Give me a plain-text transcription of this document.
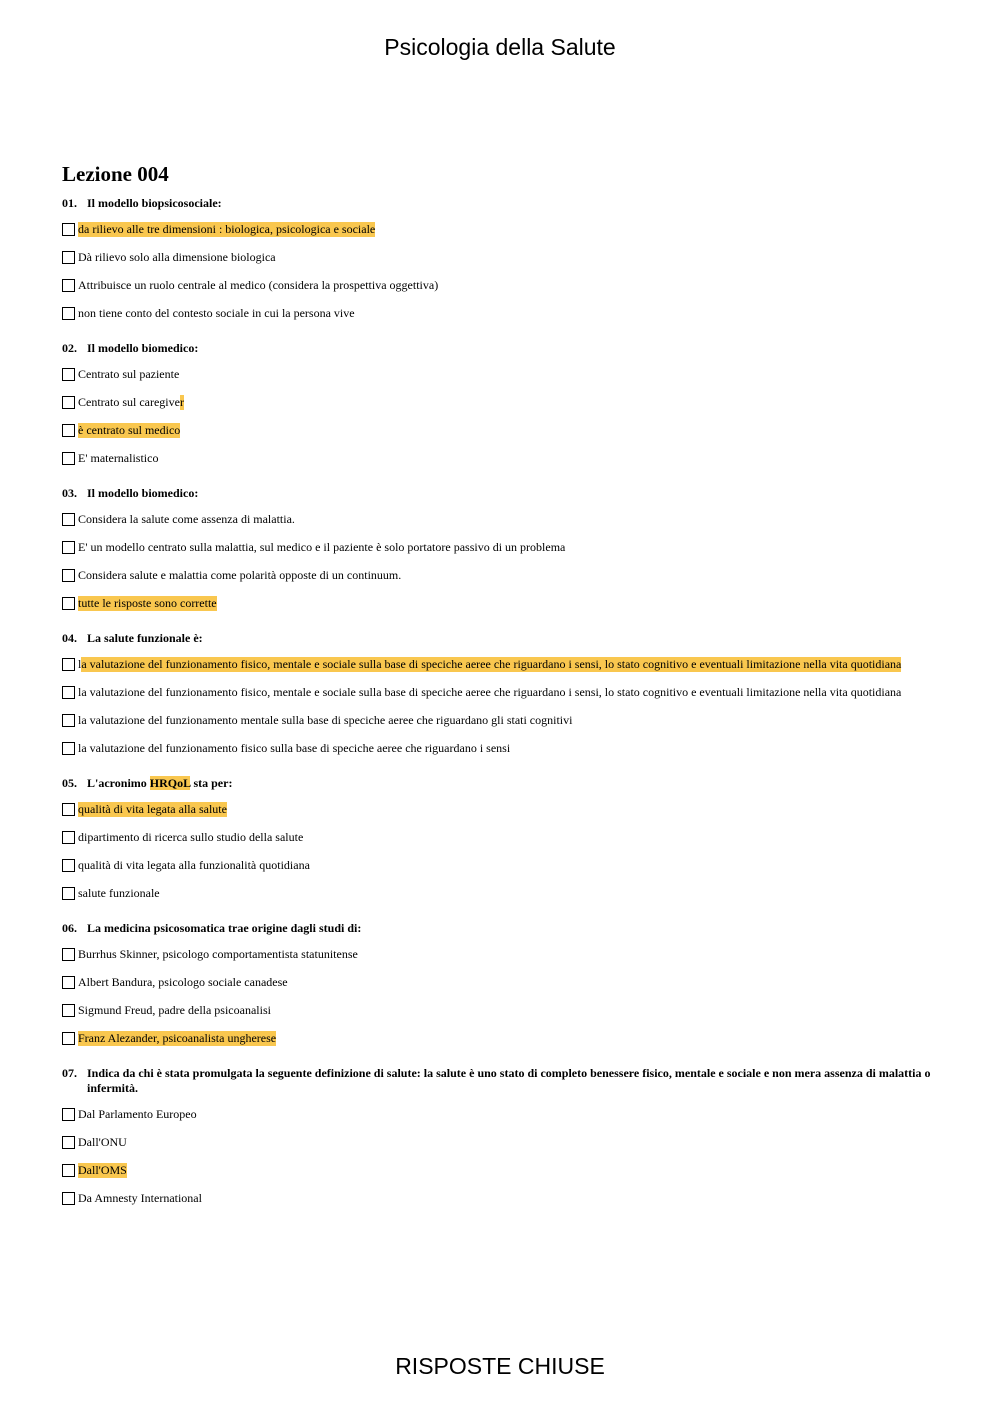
Psicologia della Salute
Lezione 004
01. Il modello biopsicosociale:
da rilievo alle tre dimensioni : biologica, psicologica e sociale
Dà rilievo solo alla dimensione biologica
Attribuisce un ruolo centrale al medico (considera la prospettiva oggettiva)
non tiene conto del contesto sociale in cui la persona vive
02. Il modello biomedico:
Centrato sul paziente
Centrato sul caregive r
è centrato sul medico
E' maternalistico
03. Il modello biomedico:
Considera la salute come assenza di malattia.
E' un modello centrato sulla malattia, sul medico e il paziente è solo portatore passivo di un problema
Considera salute e malattia come polarità opposte di un continuum.
tutte le risposte sono corrette
04. La salute funzionale è:
l a valutazione del funzionamento fisico, mentale e sociale sulla base di speciche aeree che riguardano i sensi, lo stato cognitivo e eventuali limitazione nella vita quotidiana
la valutazione del funzionamento fisico, mentale e sociale sulla base di speciche aeree che riguardano i sensi, lo stato cognitivo e eventuali limitazione nella vita quotidiana
la valutazione del funzionamento mentale sulla base di speciche aeree che riguardano gli stati cognitivi
la valutazione del funzionamento fisico sulla base di speciche aeree che riguardano i sensi
05. L'acronimo HRQoL sta per:
qualità di vita legata alla salute
dipartimento di ricerca sullo studio della salute
qualità di vita legata alla funzionalità quotidiana
salute funzionale
06. La medicina psicosomatica trae origine dagli studi di:
Burrhus Skinner, psicologo comportamentista statunitense
Albert Bandura, psicologo sociale canadese
Sigmund Freud, padre della psicoanalisi
Franz Alezander, psicoanalista ungherese
07. Indica da chi è stata promulgata la seguente definizione di salute: la salute è uno stato di completo benessere fisico, mentale e sociale e non mera assenza di malattia o infermità.
Dal Parlamento Europeo
Dall'ONU
Dall'OMS
Da Amnesty International
RISPOSTE CHIUSE
